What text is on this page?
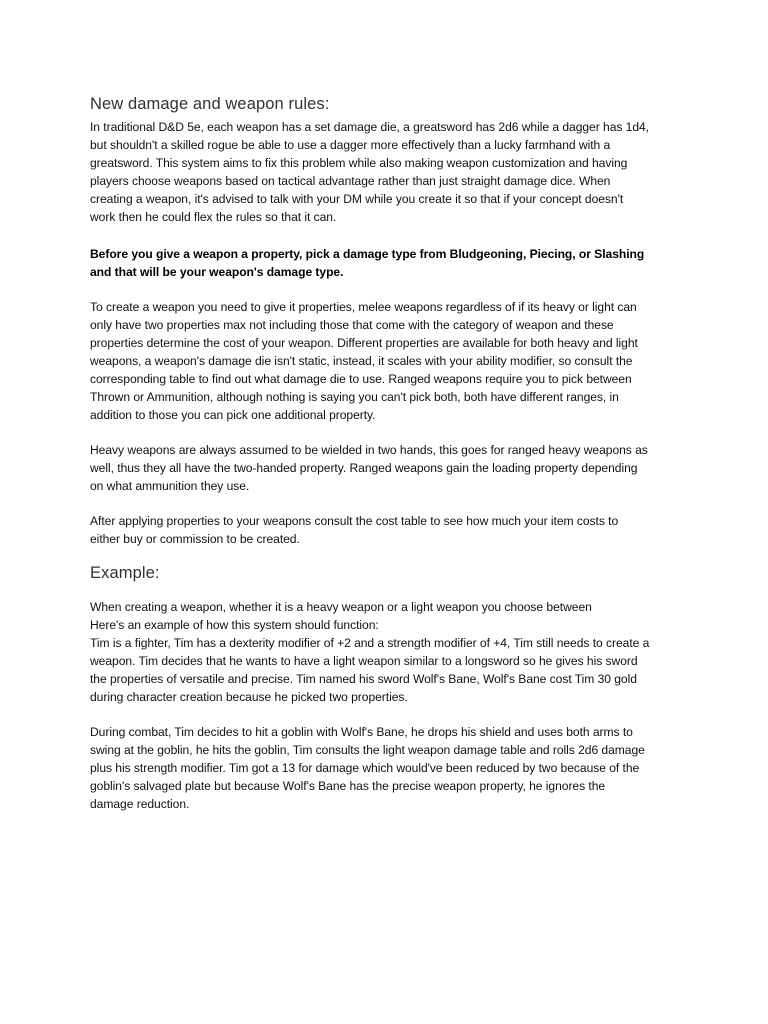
New damage and weapon rules:
In traditional D&D 5e, each weapon has a set damage die, a greatsword has 2d6 while a dagger has 1d4,
but shouldn't a skilled rogue be able to use a dagger more effectively than a lucky farmhand with a
greatsword. This system aims to fix this problem while also making weapon customization and having
players choose weapons based on tactical advantage rather than just straight damage dice. When
creating a weapon, it's advised to talk with your DM while you create it so that if your concept doesn't
work then he could flex the rules so that it can.
Before you give a weapon a property, pick a damage type from Bludgeoning, Piecing, or Slashing
and that will be your weapon's damage type.
To create a weapon you need to give it properties, melee weapons regardless of if its heavy or light can
only have two properties max not including those that come with the category of weapon and these
properties determine the cost of your weapon. Different properties are available for both heavy and light
weapons, a weapon's damage die isn't static, instead, it scales with your ability modifier, so consult the
corresponding table to find out what damage die to use. Ranged weapons require you to pick between
Thrown or Ammunition, although nothing is saying you can't pick both, both have different ranges, in
addition to those you can pick one additional property.
Heavy weapons are always assumed to be wielded in two hands, this goes for ranged heavy weapons as
well, thus they all have the two-handed property. Ranged weapons gain the loading property depending
on what ammunition they use.
After applying properties to your weapons consult the cost table to see how much your item costs to
either buy or commission to be created.
Example:
When creating a weapon, whether it is a heavy weapon or a light weapon you choose between
Here's an example of how this system should function:
Tim is a fighter, Tim has a dexterity modifier of +2 and a strength modifier of +4, Tim still needs to create a
weapon. Tim decides that he wants to have a light weapon similar to a longsword so he gives his sword
the properties of versatile and precise. Tim named his sword Wolf's Bane, Wolf's Bane cost Tim 30 gold
during character creation because he picked two properties.
During combat, Tim decides to hit a goblin with Wolf's Bane, he drops his shield and uses both arms to
swing at the goblin, he hits the goblin, Tim consults the light weapon damage table and rolls 2d6 damage
plus his strength modifier. Tim got a 13 for damage which would've been reduced by two because of the
goblin's salvaged plate but because Wolf's Bane has the precise weapon property, he ignores the
damage reduction.
